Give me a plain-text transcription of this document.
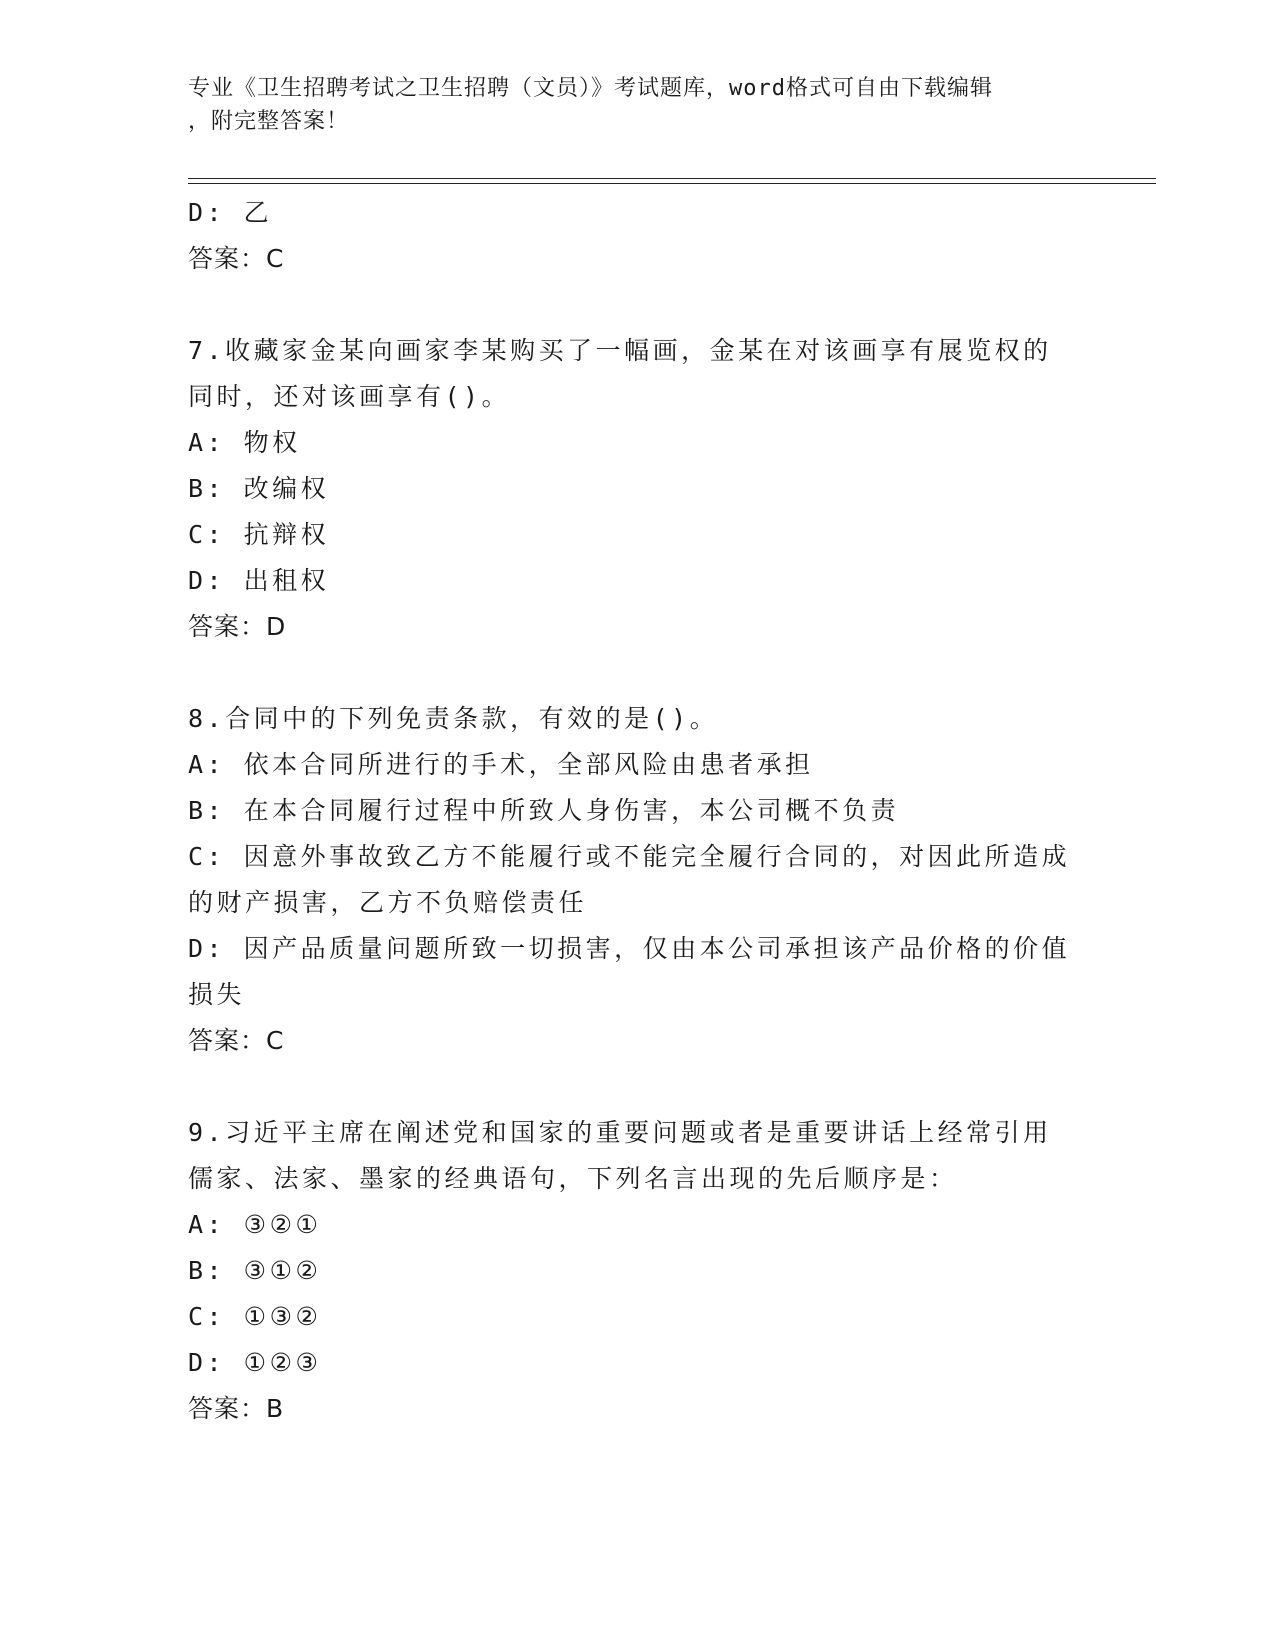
专业《卫生招聘考试之卫生招聘（文员）》考试题库，word格式可自由下载编辑
，附完整答案！

D: 乙

答案：C

7.收藏家金某向画家李某购买了一幅画，金某在对该画享有展览权的

同时，还对该画享有()。

A: 物权

B: 改编权

C: 抗辩权

D: 出租权

答案：D

8.合同中的下列免责条款，有效的是()。

A: 依本合同所进行的手术，全部风险由患者承担

B: 在本合同履行过程中所致人身伤害，本公司概不负责

C: 因意外事故致乙方不能履行或不能完全履行合同的，对因此所造成

的财产损害，乙方不负赔偿责任

D: 因产品质量问题所致一切损害，仅由本公司承担该产品价格的价值

损失

答案：C

9.习近平主席在阐述党和国家的重要问题或者是重要讲话上经常引用

儒家、法家、墨家的经典语句，下列名言出现的先后顺序是：

A: ③②①

B: ③①②

C: ①③②

D: ①②③

答案：B
